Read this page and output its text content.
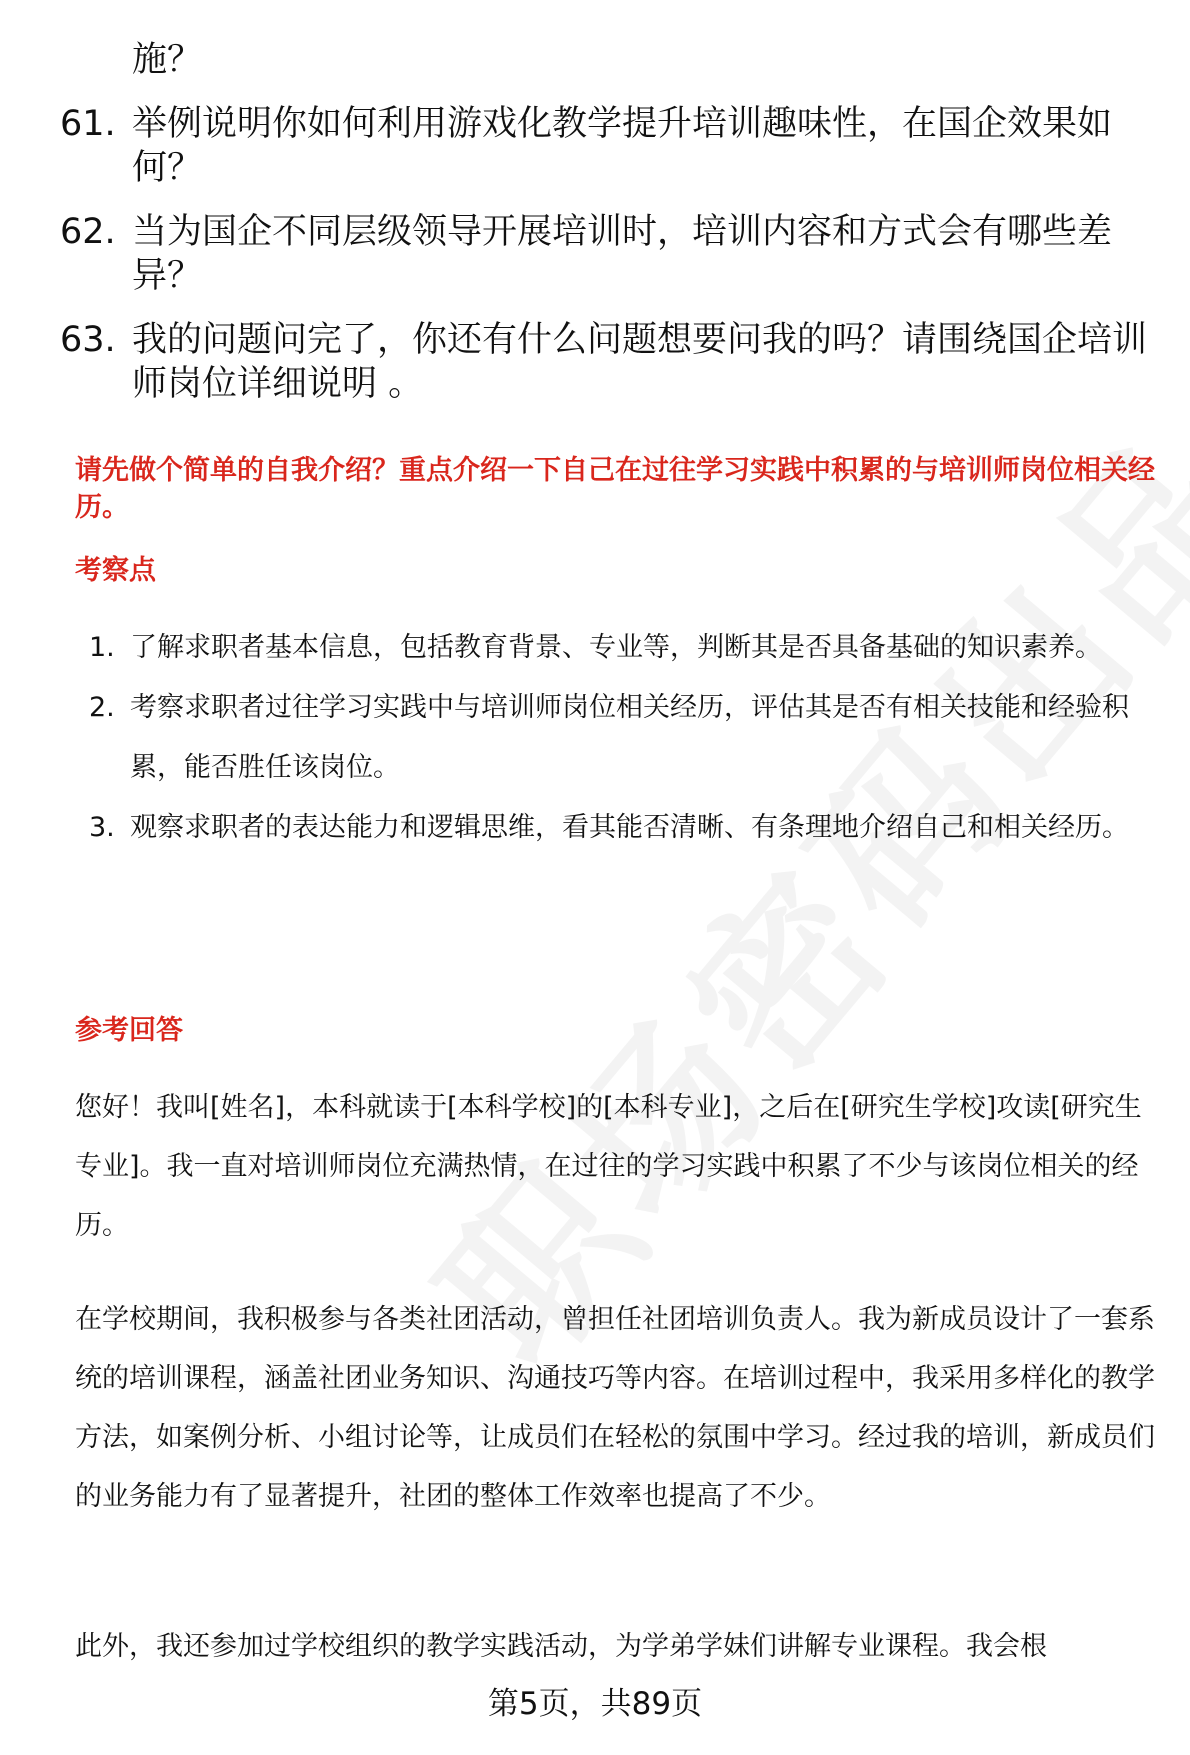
施？
61. 举例说明你如何利用游戏化教学提升培训趣味性，在国企效果如何？
62. 当为国企不同层级领导开展培训时，培训内容和方式会有哪些差异？
63. 我的问题问完了，你还有什么问题想要问我的吗？请围绕国企培训师岗位详细说明 。
请先做个简单的自我介绍？重点介绍一下自己在过往学习实践中积累的与培训师岗位相关经历。
考察点
1. 了解求职者基本信息，包括教育背景、专业等，判断其是否具备基础的知识素养。
2. 考察求职者过往学习实践中与培训师岗位相关经历，评估其是否有相关技能和经验积累，能否胜任该岗位。
3. 观察求职者的表达能力和逻辑思维，看其能否清晰、有条理地介绍自己和相关经历。
参考回答
您好！我叫[姓名]，本科就读于[本科学校]的[本科专业]，之后在[研究生学校]攻读[研究生专业]。我一直对培训师岗位充满热情，在过往的学习实践中积累了不少与该岗位相关的经历。
在学校期间，我积极参与各类社团活动，曾担任社团培训负责人。我为新成员设计了一套系统的培训课程，涵盖社团业务知识、沟通技巧等内容。在培训过程中，我采用多样化的教学方法，如案例分析、小组讨论等，让成员们在轻松的氛围中学习。经过我的培训，新成员们的业务能力有了显著提升，社团的整体工作效率也提高了不少。
此外，我还参加过学校组织的教学实践活动，为学弟学妹们讲解专业课程。我会根
第5页，共89页
